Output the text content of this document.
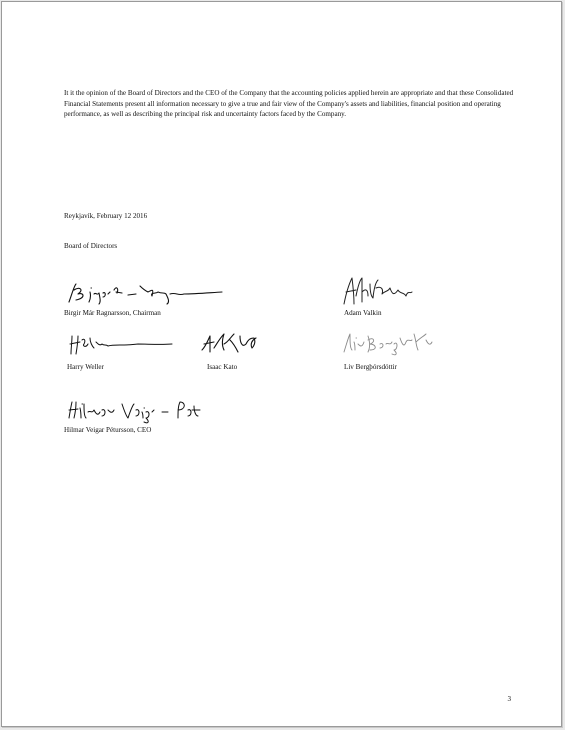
It it the opinion of the Board of Directors and the CEO of the Company that the accounting policies applied herein are appropriate and that these Consolidated Financial Statements present all information necessary to give a true and fair view of the Company's assets and liabilities, financial position and operating performance, as well as describing the principal risk and uncertainty factors faced by the Company.
Reykjavík, February 12 2016
Board of Directors
Birgir Már Ragnarsson, Chairman	Adam Valkin
Harry Weller	Isaac Kato	Liv Bergþórsdóttir
Hilmar Veigar Pétursson, CEO
3
